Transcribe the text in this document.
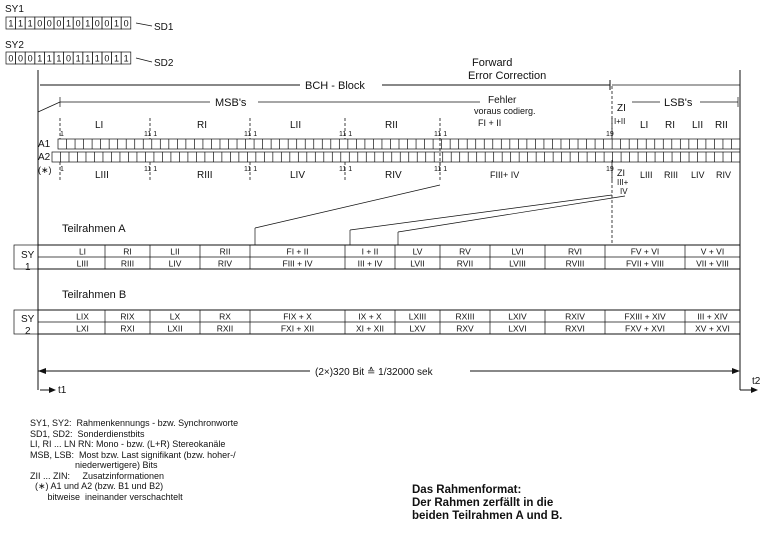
SY1
1 1 1 0 0 0 1 0 1 0 0 1 0	SD1
SY2
0 0 0 1 1 1 0 1 1 1 0 1 1	SD2
BCH - Block
Forward
Error Correction
MSB's	Fehler
voraus codierg.
FI + II
ZI
I+II
LSB's
LI	RI	LII	RII	LI RI LII RII
1	11 1	11 1	11 1	11 1	19
A1
A2
(∗)	LIII	RIII	LIV	RIV	FIII+ IV	LIII RIII LIV RIV
ZI
III+
IV
1	11 1	11 1	11 1	11 1	19
Teilrahmen A
SY
1
LI	RI	LII	RII	FI + II	I + II	LV	RV	LVI	RVI	FV + VI	V + VI
LIII	RIII	LIV	RIV	FIII + IV	III + IV	LVII	RVII	LVIII	RVIII	FVII + VIII	VII + VIII
Teilrahmen B
SY
2
LIX	RIX	LX	RX	FIX + X	IX + X	LXIII	RXIII	LXIV	RXIV	FXIII + XIV	III + XIV
LXI	RXI	LXII	RXII	FXI + XII	XI + XII	LXV	RXV	LXVI	RXVI	FXV + XVI	XV + XVI
(2×)320 Bit ≙ 1/32000 sek
t1
t2
SY1, SY2:  Rahmenkennungs - bzw. Synchronworte
SD1, SD2:  Sonderdienstbits
LI, RI ... LN RN: Mono - bzw. (L+R) Stereokanäle
MSB, LSB:  Most bzw. Last signifikant (bzw. hoher-/
niederwertigere) Bits
ZII ... ZIN:     Zusatzinformationen
(∗) A1 und A2 (bzw. B1 und B2)
bitweise  ineinander verschachtelt
Das Rahmenformat:
Der Rahmen zerfällt in die
beiden Teilrahmen A und B.
